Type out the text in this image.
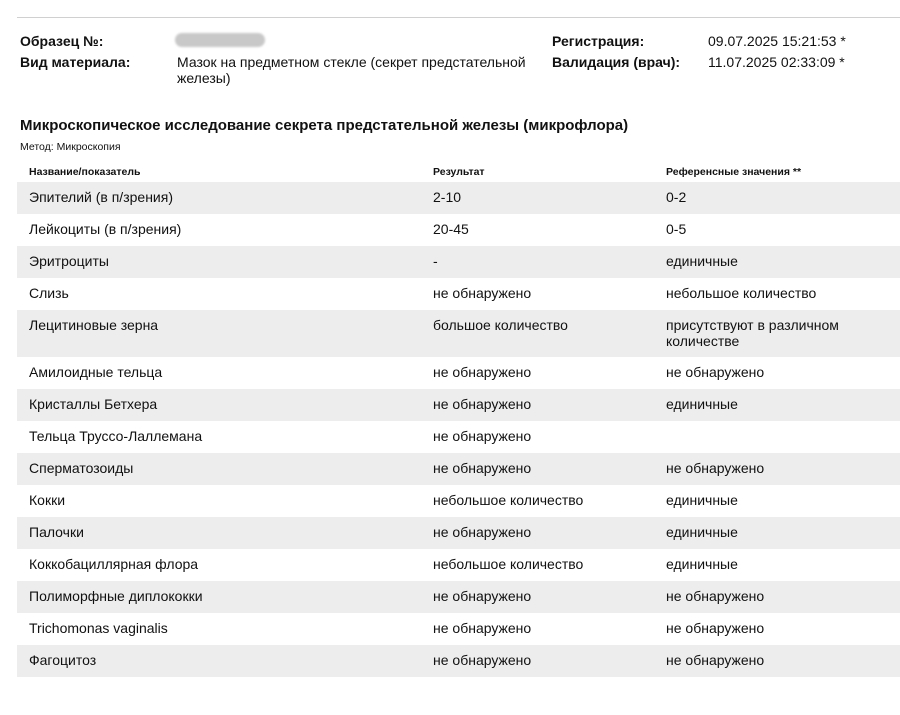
Образец №:
Вид материала:	Мазок на предметном стекле (секрет предстательной железы)
Регистрация:	09.07.2025 15:21:53 *
Валидация (врач): 11.07.2025 02:33:09 *
Микроскопическое исследование секрета предстательной железы (микрофлора)
Метод: Микроскопия
Название/показатель	Результат	Референсные значения **
Эпителий (в п/зрения)	2-10	0-2
Лейкоциты (в п/зрения)	20-45	0-5
Эритроциты	-	единичные
Слизь	не обнаружено	небольшое количество
Лецитиновые зерна	большое количество	присутствуют в различном количестве
Амилоидные тельца	не обнаружено	не обнаружено
Кристаллы Бетхера	не обнаружено	единичные
Тельца Труссо-Лаллемана	не обнаружено
Сперматозоиды	не обнаружено	не обнаружено
Кокки	небольшое количество	единичные
Палочки	не обнаружено	единичные
Коккобациллярная флора	небольшое количество	единичные
Полиморфные диплококки	не обнаружено	не обнаружено
Trichomonas vaginalis	не обнаружено	не обнаружено
Фагоцитоз	не обнаружено	не обнаружено
